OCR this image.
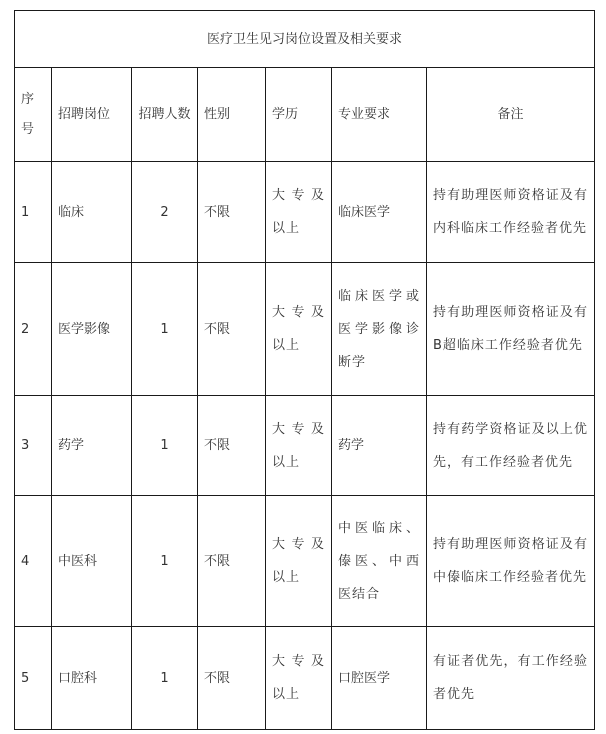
医疗卫生见习岗位设置及相关要求						
序号	招聘岗位	招聘人数	性别	学历	专业要求	备注
1	临床	2	不限	大专及以上	临床医学	持有助理医师资格证及有内科临床工作经验者优先
2	医学影像	1	不限	大专及以上	临床医学或医学影像诊断学	持有助理医师资格证及有B超临床工作经验者优先
3	药学	1	不限	大专及以上	药学	持有药学资格证及以上优先，有工作经验者优先
4	中医科	1	不限	大专及以上	中医临床、傣医、中西医结合	持有助理医师资格证及有中傣临床工作经验者优先
5	口腔科	1	不限	大专及以上	口腔医学	有证者优先，有工作经验者优先
